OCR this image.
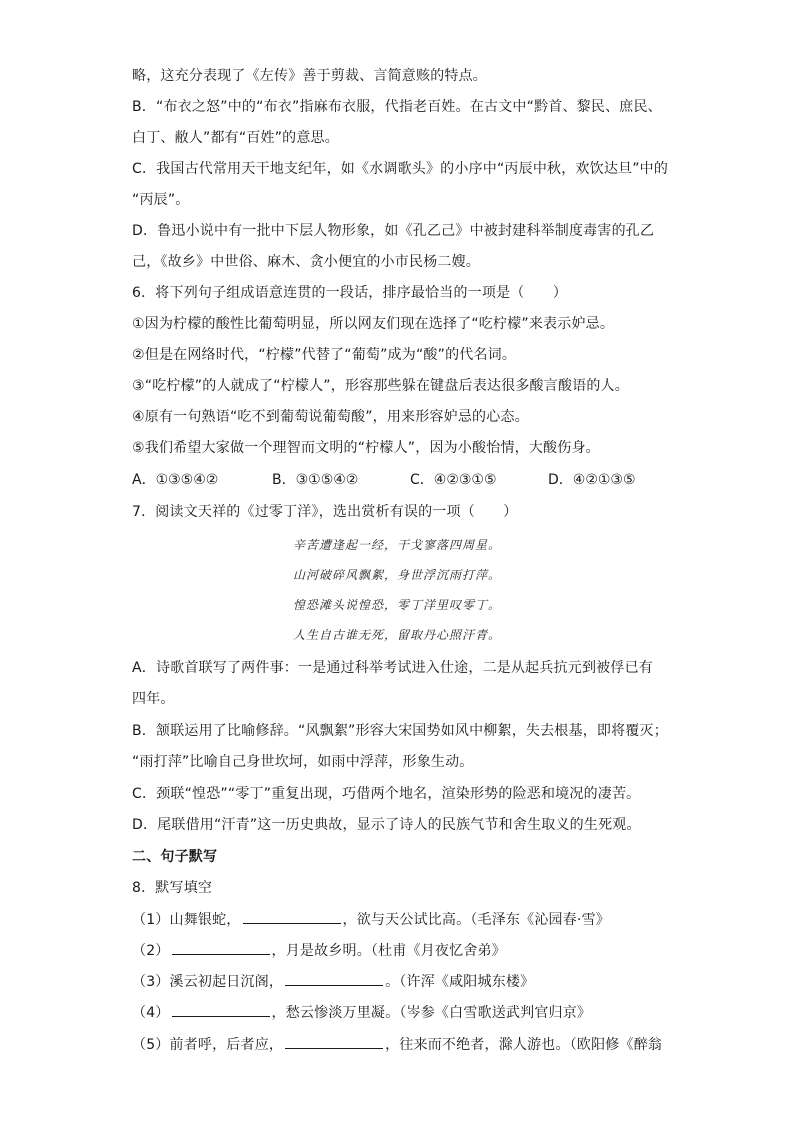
略，这充分表现了《左传》善于剪裁、言简意赅的特点。
B．“布衣之怒”中的“布衣”指麻布衣服，代指老百姓。在古文中“黔首、黎民、庶民、
白丁、敝人”都有“百姓”的意思。
C．我国古代常用天干地支纪年，如《水调歌头》的小序中“丙辰中秋，欢饮达旦”中的
“丙辰”。
D．鲁迅小说中有一批中下层人物形象，如《孔乙己》中被封建科举制度毒害的孔乙
己，《故乡》中世俗、麻木、贪小便宜的小市民杨二嫂。
6．将下列句子组成语意连贯的一段话，排序最恰当的一项是（　　）
①因为柠檬的酸性比葡萄明显，所以网友们现在选择了“吃柠檬”来表示妒忌。
②但是在网络时代，“柠檬”代替了“葡萄”成为“酸”的代名词。
③“吃柠檬”的人就成了“柠檬人”，形容那些躲在键盘后表达很多酸言酸语的人。
④原有一句熟语“吃不到葡萄说葡萄酸”，用来形容妒忌的心态。
⑤我们希望大家做一个理智而文明的“柠檬人”，因为小酸怡情，大酸伤身。
A．①③⑤④②	B．③①⑤④②	C．④②③①⑤	D．④②①③⑤
7．阅读文天祥的《过零丁洋》，选出赏析有误的一项（　　）
辛苦遭逢起一经，干戈寥落四周星。
山河破碎风飘絮，身世浮沉雨打萍。
惶恐滩头说惶恐，零丁洋里叹零丁。
人生自古谁无死，留取丹心照汗青。
A．诗歌首联写了两件事：一是通过科举考试进入仕途，二是从起兵抗元到被俘已有
四年。
B．颔联运用了比喻修辞。“风飘絮”形容大宋国势如风中柳絮，失去根基，即将覆灭；
“雨打萍”比喻自己身世坎坷，如雨中浮萍，形象生动。
C．颈联“惶恐”“零丁”重复出现，巧借两个地名，渲染形势的险恶和境况的凄苦。
D．尾联借用“汗青”这一历史典故，显示了诗人的民族气节和舍生取义的生死观。
二、句子默写
8．默写填空
（1）山舞银蛇，	，欲与天公试比高。（毛泽东《沁园春·雪》
（2）	，月是故乡明。（杜甫《月夜忆舍弟》
（3）溪云初起日沉阁，	。（许浑《咸阳城东楼》
（4）	，愁云惨淡万里凝。（岑参《白雪歌送武判官归京》
（5）前者呼，后者应，	，往来而不绝者，滁人游也。（欧阳修《醉翁
